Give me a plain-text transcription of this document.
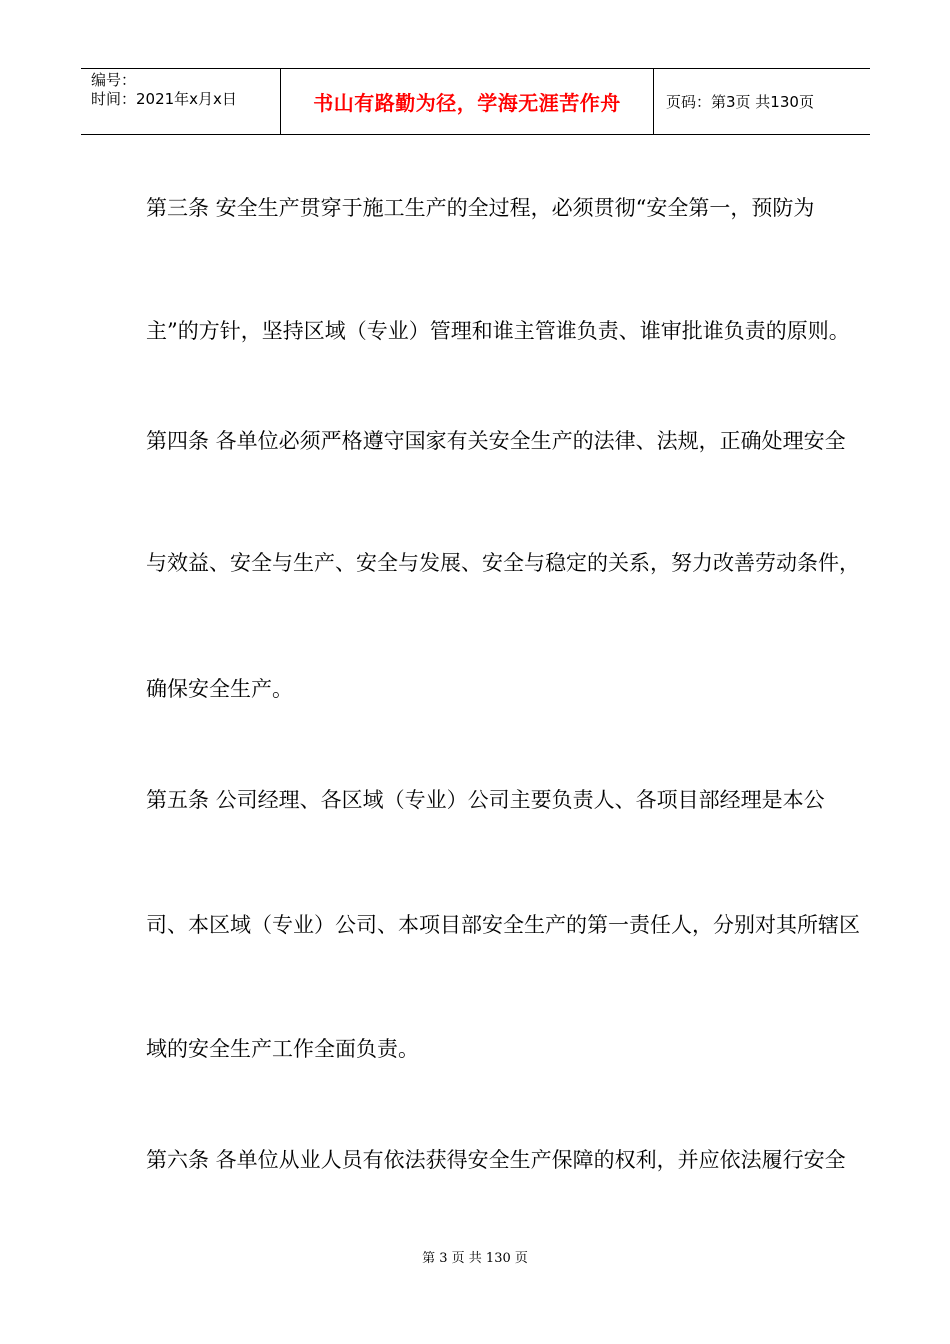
编号：
时间：2021年x月x日	书山有路勤为径，学海无涯苦作舟	页码：第3页 共130页

第三条 安全生产贯穿于施工生产的全过程，必须贯彻“安全第一，预防为

主”的方针，坚持区域（专业）管理和谁主管谁负责、谁审批谁负责的原则。

第四条 各单位必须严格遵守国家有关安全生产的法律、法规，正确处理安全

与效益、安全与生产、安全与发展、安全与稳定的关系，努力改善劳动条件，

确保安全生产。

第五条 公司经理、各区域（专业）公司主要负责人、各项目部经理是本公

司、本区域（专业）公司、本项目部安全生产的第一责任人，分别对其所辖区

域的安全生产工作全面负责。

第六条 各单位从业人员有依法获得安全生产保障的权利，并应依法履行安全

第 3 页 共 130 页
